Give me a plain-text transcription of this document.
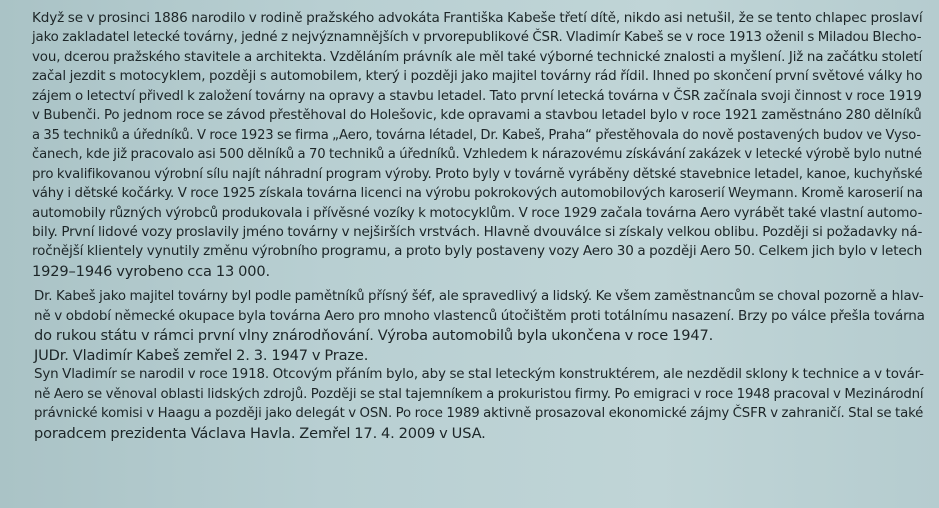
Když se v prosinci 1886 narodilo v rodině pražského advokáta Františka Kabeše třetí dítě, nikdo asi netušil, že se tento chlapec proslaví
jako zakladatel letecké továrny, jedné z nejvýznamnějších v prvorepublikové ČSR. Vladimír Kabeš se v roce 1913 oženil s Miladou Blecho-
vou, dcerou pražského stavitele a architekta. Vzděláním právník ale měl také výborné technické znalosti a myšlení. Již na začátku století
začal jezdit s motocyklem, později s automobilem, který i později jako majitel továrny rád řídil. Ihned po skončení první světové války ho
zájem o letectví přivedl k založení továrny na opravy a stavbu letadel. Tato první letecká továrna v ČSR začínala svoji činnost v roce 1919
v Bubenči. Po jednom roce se závod přestěhoval do Holešovic, kde opravami a stavbou letadel bylo v roce 1921 zaměstnáno 280 dělníků
a 35 techniků a úředníků. V roce 1923 se firma „Aero, továrna létadel, Dr. Kabeš, Praha“ přestěhovala do nově postavených budov ve Vyso-
čanech, kde již pracovalo asi 500 dělníků a 70 techniků a úředníků. Vzhledem k nárazovému získávání zakázek v letecké výrobě bylo nutné
pro kvalifikovanou výrobní sílu najít náhradní program výroby. Proto byly v továrně vyráběny dětské stavebnice letadel, kanoe, kuchyňské
váhy i dětské kočárky. V roce 1925 získala továrna licenci na výrobu pokrokových automobilových karoserií Weymann. Kromě karoserií na
automobily různých výrobců produkovala i přívěsné vozíky k motocyklům. V roce 1929 začala továrna Aero vyrábět také vlastní automo-
bily. První lidové vozy proslavily jméno továrny v nejširších vrstvách. Hlavně dvouválce si získaly velkou oblibu. Později si požadavky ná-
ročnější klientely vynutily změnu výrobního programu, a proto byly postaveny vozy Aero 30 a později Aero 50. Celkem jich bylo v letech
1929–1946 vyrobeno cca 13 000.

Dr. Kabeš jako majitel továrny byl podle pamětníků přísný šéf, ale spravedlivý a lidský. Ke všem zaměstnancům se choval pozorně a hlav-
ně v období německé okupace byla továrna Aero pro mnoho vlastenců útočištěm proti totálnímu nasazení. Brzy po válce přešla továrna
do rukou státu v rámci první vlny znárodňování. Výroba automobilů byla ukončena v roce 1947.

JUDr. Vladimír Kabeš zemřel 2. 3. 1947 v Praze.

Syn Vladimír se narodil v roce 1918. Otcovým přáním bylo, aby se stal leteckým konstruktérem, ale nezdědil sklony k technice a v továr-
ně Aero se věnoval oblasti lidských zdrojů. Později se stal tajemníkem a prokuristou firmy. Po emigraci v roce 1948 pracoval v Mezinárodní
právnické komisi v Haagu a později jako delegát v OSN. Po roce 1989 aktivně prosazoval ekonomické zájmy ČSFR v zahraničí. Stal se také
poradcem prezidenta Václava Havla. Zemřel 17. 4. 2009 v USA.
